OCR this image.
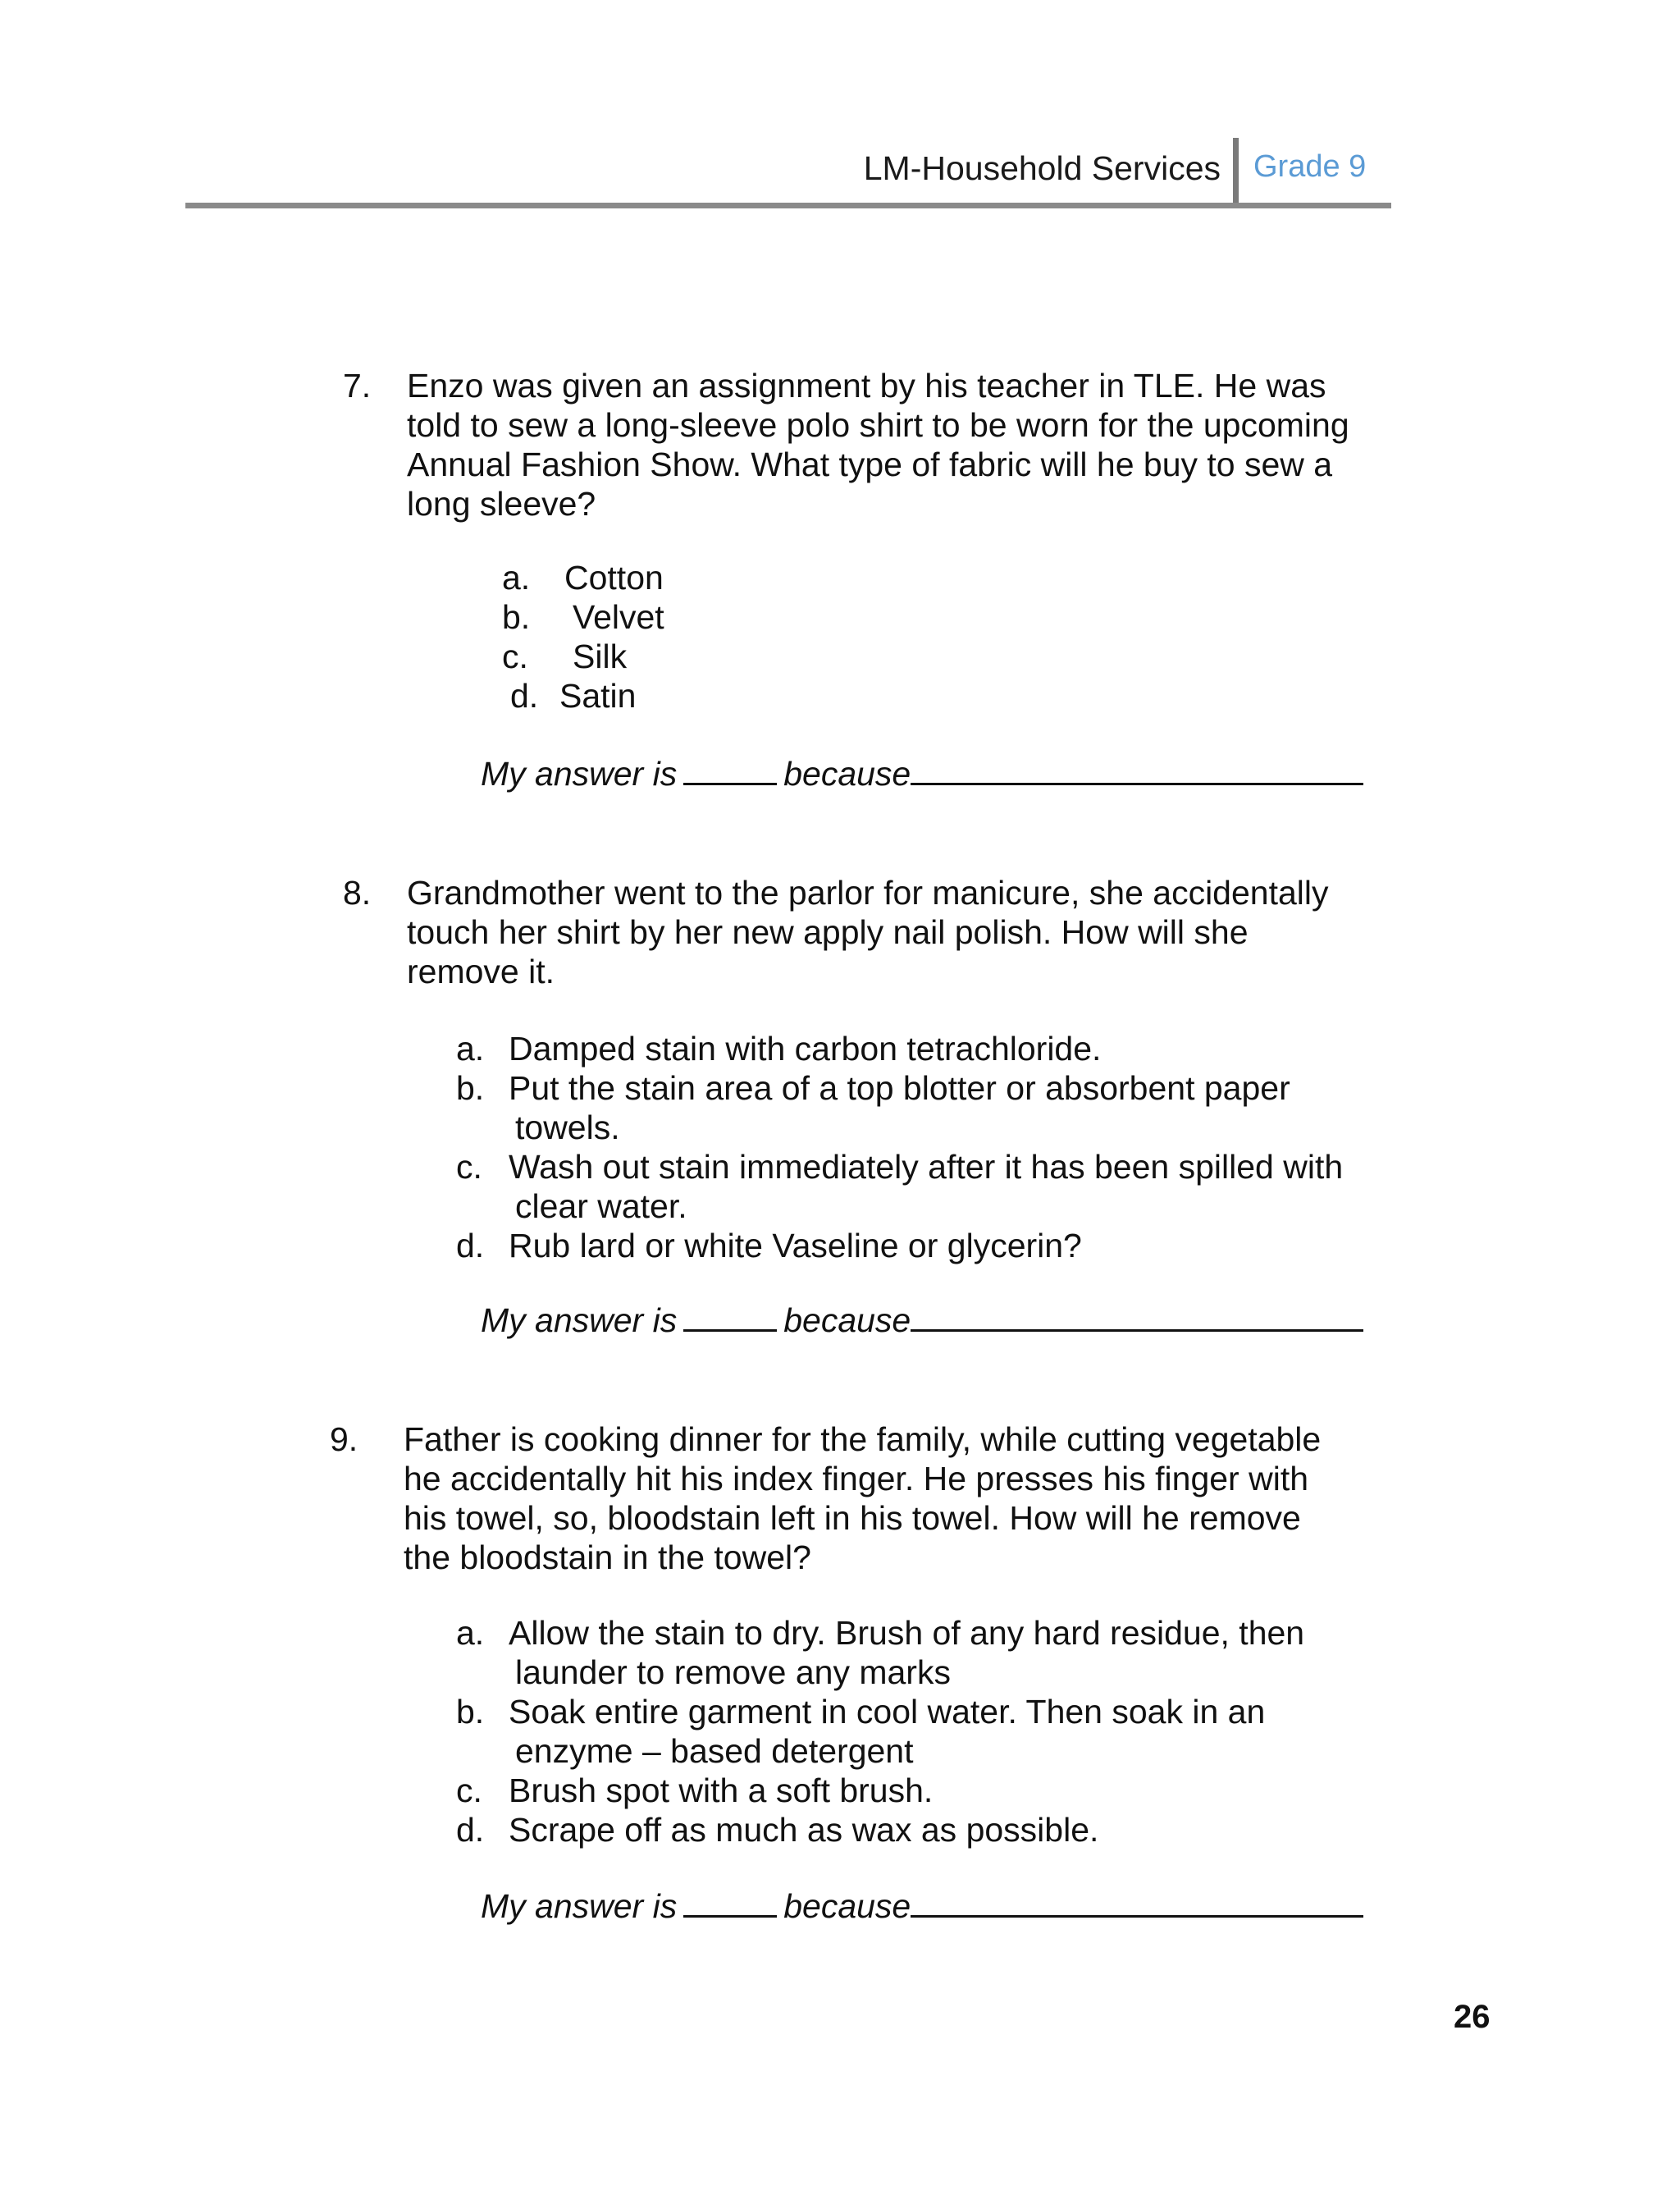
LM-Household Services Grade 9
7. Enzo was given an assignment by his teacher in TLE. He was
told to sew a long-sleeve polo shirt to be worn for the upcoming
Annual Fashion Show. What type of fabric will he buy to sew a
long sleeve?
a. Cotton
b. Velvet
c. Silk
d. Satin
My answer is	because
8. Grandmother went to the parlor for manicure, she accidentally
touch her shirt by her new apply nail polish. How will she
remove it.
a. Damped stain with carbon tetrachloride.
b. Put the stain area of a top blotter or absorbent paper
towels.
c. Wash out stain immediately after it has been spilled with
clear water.
d. Rub lard or white Vaseline or glycerin?
My answer is	because
9. Father is cooking dinner for the family, while cutting vegetable
he accidentally hit his index finger. He presses his finger with
his towel, so, bloodstain left in his towel. How will he remove
the bloodstain in the towel?
a. Allow the stain to dry. Brush of any hard residue, then
launder to remove any marks
b. Soak entire garment in cool water. Then soak in an
enzyme – based detergent
c. Brush spot with a soft brush.
d. Scrape off as much as wax as possible.
My answer is	because
26
